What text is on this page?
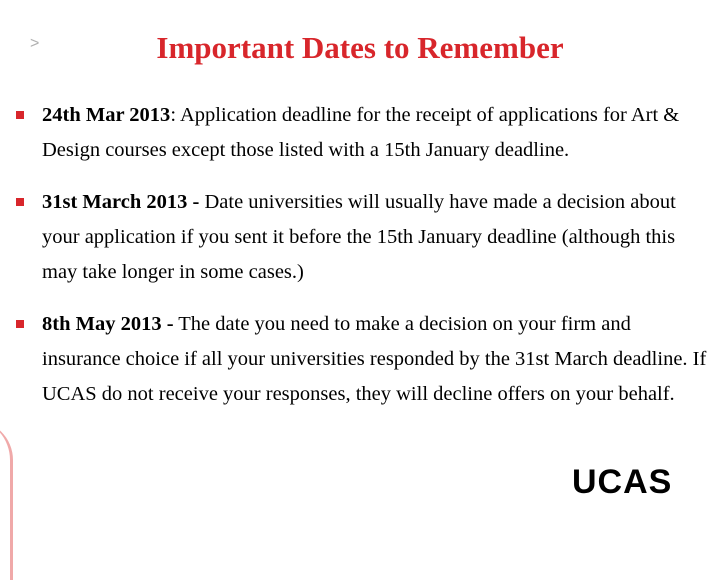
>	Important Dates to Remember
24th Mar 2013: Application deadline for the receipt of applications for Art & Design courses except those listed with a 15th January deadline.
31st March 2013 - Date universities will usually have made a decision about your application if you sent it before the 15th January deadline (although this may take longer in some cases.)
8th May 2013 - The date you need to make a decision on your firm and insurance choice if all your universities responded by the 31st March deadline. If UCAS do not receive your responses, they will decline offers on your behalf.
UCAS
